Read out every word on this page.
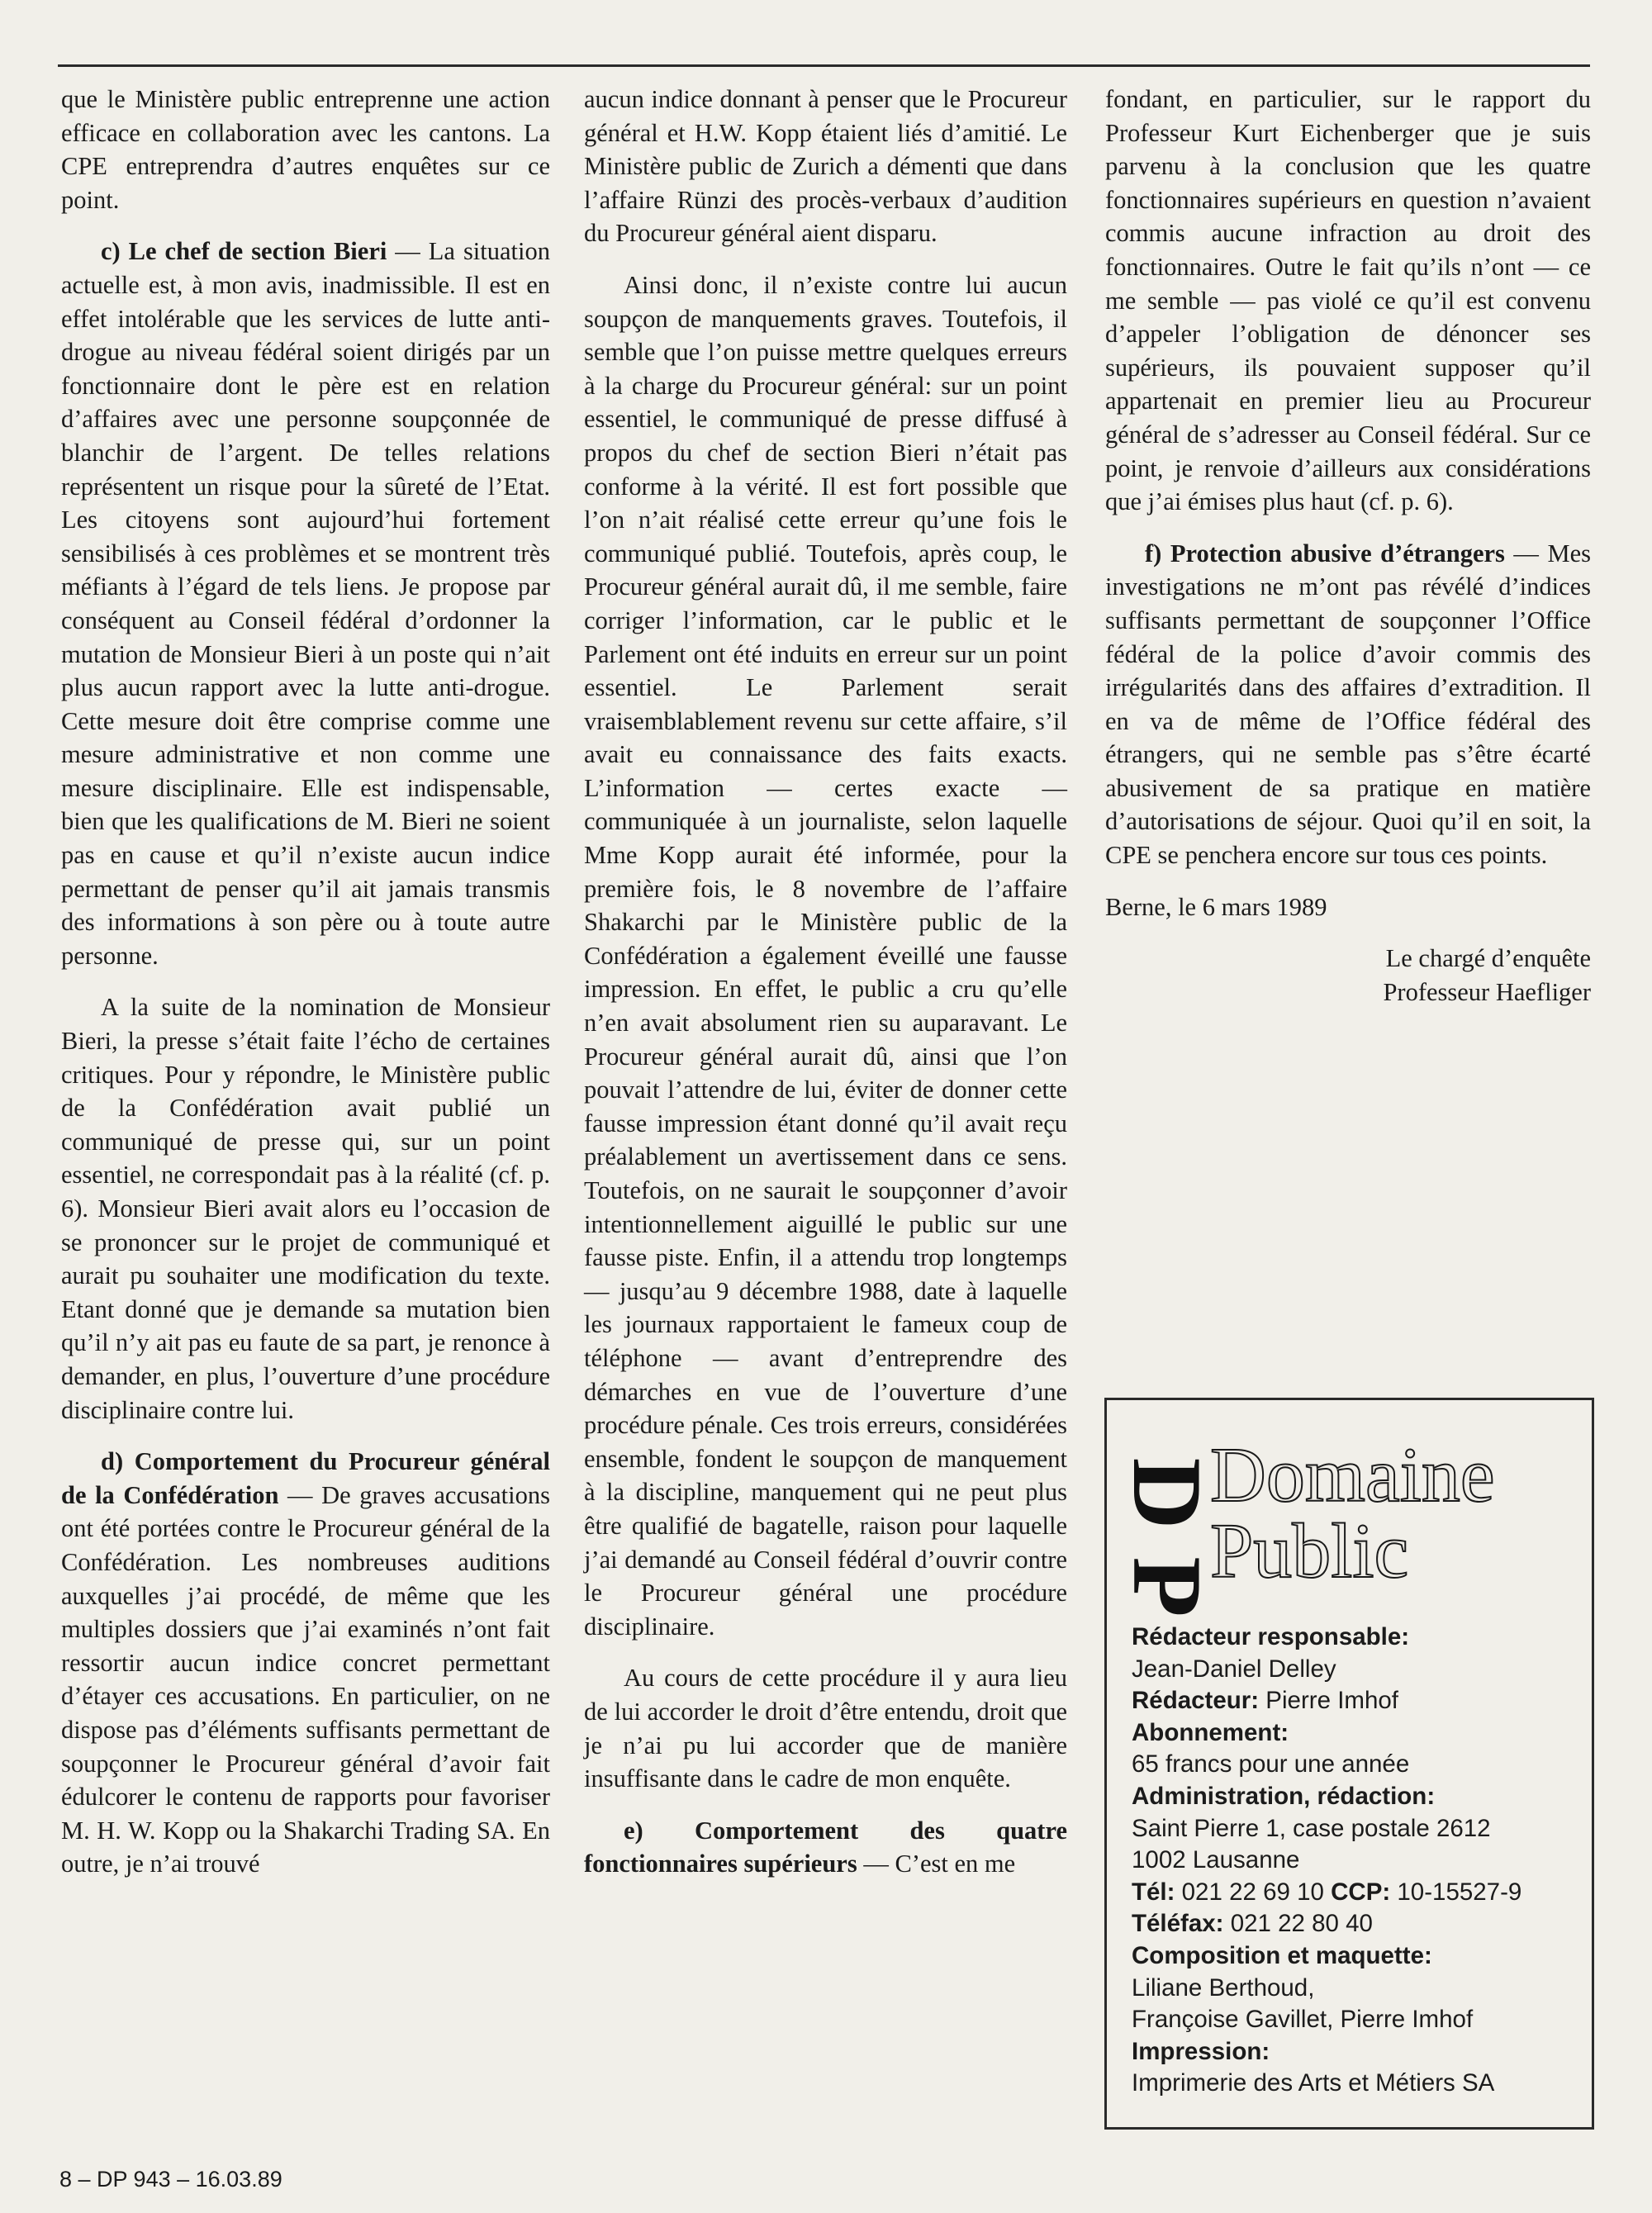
que le Ministère public entreprenne une action efficace en collaboration avec les cantons. La CPE entreprendra d’autres enquêtes sur ce point.

c) Le chef de section Bieri — La situation actuelle est, à mon avis, inadmissible. Il est en effet intolérable que les services de lutte anti-drogue au niveau fédéral soient dirigés par un fonctionnaire dont le père est en relation d’affaires avec une personne soupçonnée de blanchir de l’argent. De telles relations représentent un risque pour la sûreté de l’Etat. Les citoyens sont aujourd’hui fortement sensibilisés à ces problèmes et se montrent très méfiants à l’égard de tels liens. Je propose par conséquent au Conseil fédéral d’ordonner la mutation de Monsieur Bieri à un poste qui n’ait plus aucun rapport avec la lutte anti-drogue. Cette mesure doit être comprise comme une mesure administrative et non comme une mesure disciplinaire. Elle est indispensable, bien que les qualifications de M. Bieri ne soient pas en cause et qu’il n’existe aucun indice permettant de penser qu’il ait jamais transmis des informations à son père ou à toute autre personne.

A la suite de la nomination de Monsieur Bieri, la presse s’était faite l’écho de certaines critiques. Pour y répondre, le Ministère public de la Confédération avait publié un communiqué de presse qui, sur un point essentiel, ne correspondait pas à la réalité (cf. p. 6). Monsieur Bieri avait alors eu l’occasion de se prononcer sur le projet de communiqué et aurait pu souhaiter une modification du texte. Etant donné que je demande sa mutation bien qu’il n’y ait pas eu faute de sa part, je renonce à demander, en plus, l’ouverture d’une procédure disciplinaire contre lui.

d) Comportement du Procureur général de la Confédération — De graves accusations ont été portées contre le Procureur général de la Confédération. Les nombreuses auditions auxquelles j’ai procédé, de même que les multiples dossiers que j’ai examinés n’ont fait ressortir aucun indice concret permettant d’étayer ces accusations. En particulier, on ne dispose pas d’éléments suffisants permettant de soupçonner le Procureur général d’avoir fait édulcorer le contenu de rapports pour favoriser M. H. W. Kopp ou la Shakarchi Trading SA. En outre, je n’ai trouvé

aucun indice donnant à penser que le Procureur général et H.W. Kopp étaient liés d’amitié. Le Ministère public de Zurich a démenti que dans l’affaire Rünzi des procès-verbaux d’audition du Procureur général aient disparu.

Ainsi donc, il n’existe contre lui aucun soupçon de manquements graves. Toutefois, il semble que l’on puisse mettre quelques erreurs à la charge du Procureur général: sur un point essentiel, le communiqué de presse diffusé à propos du chef de section Bieri n’était pas conforme à la vérité. Il est fort possible que l’on n’ait réalisé cette erreur qu’une fois le communiqué publié. Toutefois, après coup, le Procureur général aurait dû, il me semble, faire corriger l’information, car le public et le Parlement ont été induits en erreur sur un point essentiel. Le Parlement serait vraisemblablement revenu sur cette affaire, s’il avait eu connaissance des faits exacts. L’information — certes exacte — communiquée à un journaliste, selon laquelle Mme Kopp aurait été informée, pour la première fois, le 8 novembre de l’affaire Shakarchi par le Ministère public de la Confédération a également éveillé une fausse impression. En effet, le public a cru qu’elle n’en avait absolument rien su auparavant. Le Procureur général aurait dû, ainsi que l’on pouvait l’attendre de lui, éviter de donner cette fausse impression étant donné qu’il avait reçu préalablement un avertissement dans ce sens. Toutefois, on ne saurait le soupçonner d’avoir intentionnellement aiguillé le public sur une fausse piste. Enfin, il a attendu trop longtemps — jusqu’au 9 décembre 1988, date à laquelle les journaux rapportaient le fameux coup de téléphone — avant d’entreprendre des démarches en vue de l’ouverture d’une procédure pénale. Ces trois erreurs, considérées ensemble, fondent le soupçon de manquement à la discipline, manquement qui ne peut plus être qualifié de bagatelle, raison pour laquelle j’ai demandé au Conseil fédéral d’ouvrir contre le Procureur général une procédure disciplinaire.

Au cours de cette procédure il y aura lieu de lui accorder le droit d’être entendu, droit que je n’ai pu lui accorder que de manière insuffisante dans le cadre de mon enquête.

e) Comportement des quatre fonctionnaires supérieurs — C’est en me

fondant, en particulier, sur le rapport du Professeur Kurt Eichenberger que je suis parvenu à la conclusion que les quatre fonctionnaires supérieurs en question n’avaient commis aucune infraction au droit des fonctionnaires. Outre le fait qu’ils n’ont — ce me semble — pas violé ce qu’il est convenu d’appeler l’obligation de dénoncer ses supérieurs, ils pouvaient supposer qu’il appartenait en premier lieu au Procureur général de s’adresser au Conseil fédéral. Sur ce point, je renvoie d’ailleurs aux considérations que j’ai émises plus haut (cf. p. 6).

f) Protection abusive d’étrangers — Mes investigations ne m’ont pas révélé d’indices suffisants permettant de soupçonner l’Office fédéral de la police d’avoir commis des irrégularités dans des affaires d’extradition. Il en va de même de l’Office fédéral des étrangers, qui ne semble pas s’être écarté abusivement de sa pratique en matière d’autorisations de séjour. Quoi qu’il en soit, la CPE se penchera encore sur tous ces points.

Berne, le 6 mars 1989

Le chargé d’enquête

Professeur Haefliger

D
P
Domaine
Public
Rédacteur responsable:
Jean-Daniel Delley
Rédacteur: Pierre Imhof
Abonnement:
65 francs pour une année
Administration, rédaction:
Saint Pierre 1, case postale 2612
1002 Lausanne
Tél: 021 22 69 10 CCP: 10-15527-9
Téléfax: 021 22 80 40
Composition et maquette:
Liliane Berthoud,
Françoise Gavillet, Pierre Imhof
Impression:
Imprimerie des Arts et Métiers SA
8 – DP 943 – 16.03.89
